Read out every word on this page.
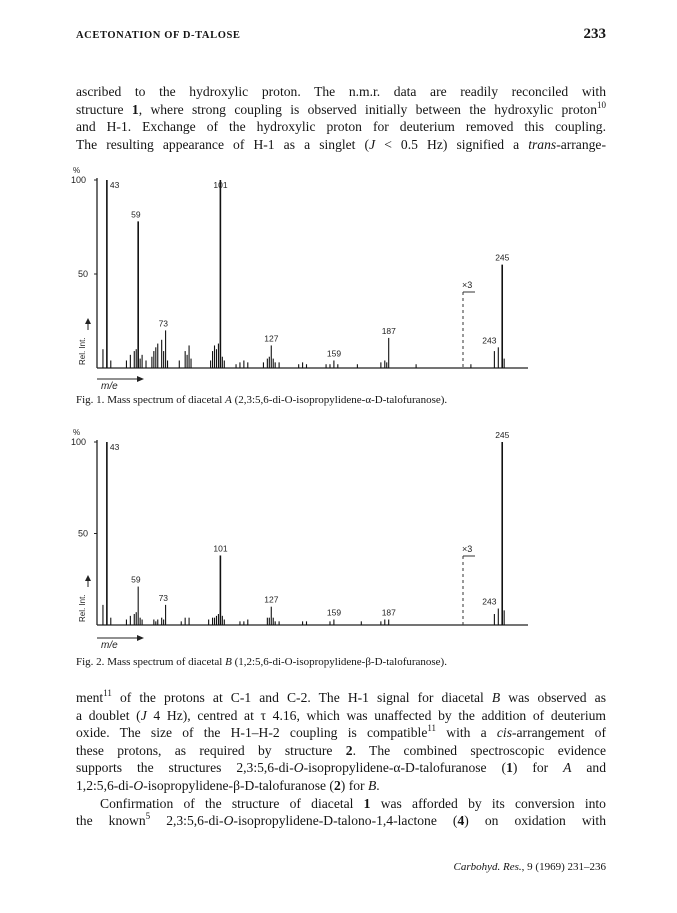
ACETONATION OF D-TALOSE	233

ascribed to the hydroxylic proton. The n.m.r. data are readily reconciled with
structure 1, where strong coupling is observed initially between the hydroxylic proton$^{10}$
and H-1. Exchange of the hydroxylic proton for deuterium removed this coupling.
The resulting appearance of H-1 as a singlet (J < 0.5 Hz) signified a trans-arrange-

100
%
50
Rel. Int.
m/e
×3
43
59
73
101
127
159
187
243
245
100
%
50
Rel. Int.
m/e
×3
43
59
73
101
127
159	187
243
245
Fig. 1. Mass spectrum of diacetal A (2,3:5,6-di-O-isopropylidene-α-D-talofuranose).
Fig. 2. Mass spectrum of diacetal B (1,2:5,6-di-O-isopropylidene-β-D-talofuranose).

ment$^{11}$ of the protons at C-1 and C-2. The H-1 signal for diacetal B was observed as
a doublet (J 4 Hz), centred at τ 4.16, which was unaffected by the addition of deuterium
oxide. The size of the H-1–H-2 coupling is compatible$^{11}$ with a cis-arrangement of
these protons, as required by structure 2. The combined spectroscopic evidence
supports the structures 2,3:5,6-di-O-isopropylidene-α-D-talofuranose (1) for A and
1,2:5,6-di-O-isopropylidene-β-D-talofuranose (2) for B.
Confirmation of the structure of diacetal 1 was afforded by its conversion into
the known$^5$ 2,3:5,6-di-O-isopropylidene-D-talono-1,4-lactone (4) on oxidation with

Carbohyd. Res., 9 (1969) 231–236
